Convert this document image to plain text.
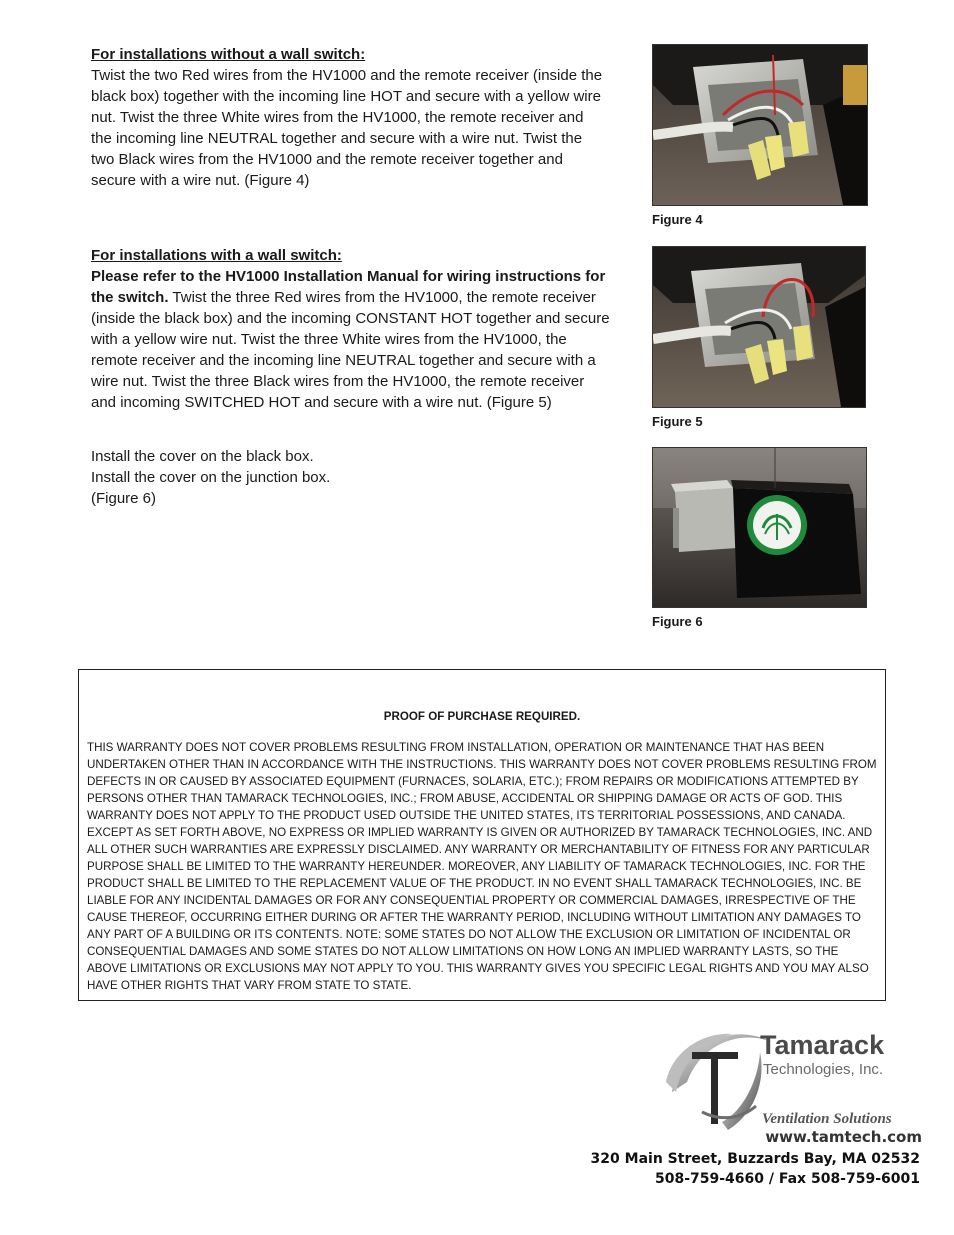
For installations without a wall switch:

Twist the two Red wires from the HV1000 and the remote receiver (inside the

black box) together with the incoming line HOT and secure with a yellow wire

nut. Twist the three White wires from the HV1000, the remote receiver and

the incoming line NEUTRAL together and secure with a wire nut. Twist the

two Black wires from the HV1000 and the remote receiver together and

secure with a wire nut. (Figure 4)

For installations with a wall switch:

Please refer to the HV1000 Installation Manual for wiring instructions for

the switch. Twist the three Red wires from the HV1000, the remote receiver

(inside the black box) and the incoming CONSTANT HOT together and secure

with a yellow wire nut. Twist the three White wires from the HV1000, the

remote receiver and the incoming line NEUTRAL together and secure with a

wire nut. Twist the three Black wires from the HV1000, the remote receiver

and incoming SWITCHED HOT and secure with a wire nut. (Figure 5)

Install the cover on the black box.

Install the cover on the junction box.

(Figure 6)

Figure 4
Figure 5
Figure 6
PROOF OF PURCHASE REQUIRED.

THIS WARRANTY DOES NOT COVER PROBLEMS RESULTING FROM INSTALLATION, OPERATION OR MAINTENANCE THAT HAS BEEN

UNDERTAKEN OTHER THAN IN ACCORDANCE WITH THE INSTRUCTIONS. THIS WARRANTY DOES NOT COVER PROBLEMS RESULTING FROM

DEFECTS IN OR CAUSED BY ASSOCIATED EQUIPMENT (FURNACES, SOLARIA, ETC.); FROM REPAIRS OR MODIFICATIONS ATTEMPTED BY

PERSONS OTHER THAN TAMARACK TECHNOLOGIES, INC.; FROM ABUSE, ACCIDENTAL OR SHIPPING DAMAGE OR ACTS OF GOD. THIS

WARRANTY DOES NOT APPLY TO THE PRODUCT USED OUTSIDE THE UNITED STATES, ITS TERRITORIAL POSSESSIONS, AND CANADA.

EXCEPT AS SET FORTH ABOVE, NO EXPRESS OR IMPLIED WARRANTY IS GIVEN OR AUTHORIZED BY TAMARACK TECHNOLOGIES, INC. AND

ALL OTHER SUCH WARRANTIES ARE EXPRESSLY DISCLAIMED. ANY WARRANTY OR MERCHANTABILITY OF FITNESS FOR ANY PARTICULAR

PURPOSE SHALL BE LIMITED TO THE WARRANTY HEREUNDER. MOREOVER, ANY LIABILITY OF TAMARACK TECHNOLOGIES, INC. FOR THE

PRODUCT SHALL BE LIMITED TO THE REPLACEMENT VALUE OF THE PRODUCT. IN NO EVENT SHALL TAMARACK TECHNOLOGIES, INC. BE

LIABLE FOR ANY INCIDENTAL DAMAGES OR FOR ANY CONSEQUENTIAL PROPERTY OR COMMERCIAL DAMAGES, IRRESPECTIVE OF THE

CAUSE THEREOF, OCCURRING EITHER DURING OR AFTER THE WARRANTY PERIOD, INCLUDING WITHOUT LIMITATION ANY DAMAGES TO

ANY PART OF A BUILDING OR ITS CONTENTS. NOTE: SOME STATES DO NOT ALLOW THE EXCLUSION OR LIMITATION OF INCIDENTAL OR

CONSEQUENTIAL DAMAGES AND SOME STATES DO NOT ALLOW LIMITATIONS ON HOW LONG AN IMPLIED WARRANTY LASTS, SO THE

ABOVE LIMITATIONS OR EXCLUSIONS MAY NOT APPLY TO YOU. THIS WARRANTY GIVES YOU SPECIFIC LEGAL RIGHTS AND YOU MAY ALSO

HAVE OTHER RIGHTS THAT VARY FROM STATE TO STATE.

Tamarack
Technologies, Inc.
Ventilation Solutions
www.tamtech.com
320 Main Street, Buzzards Bay, MA 02532
508-759-4660 / Fax 508-759-6001
